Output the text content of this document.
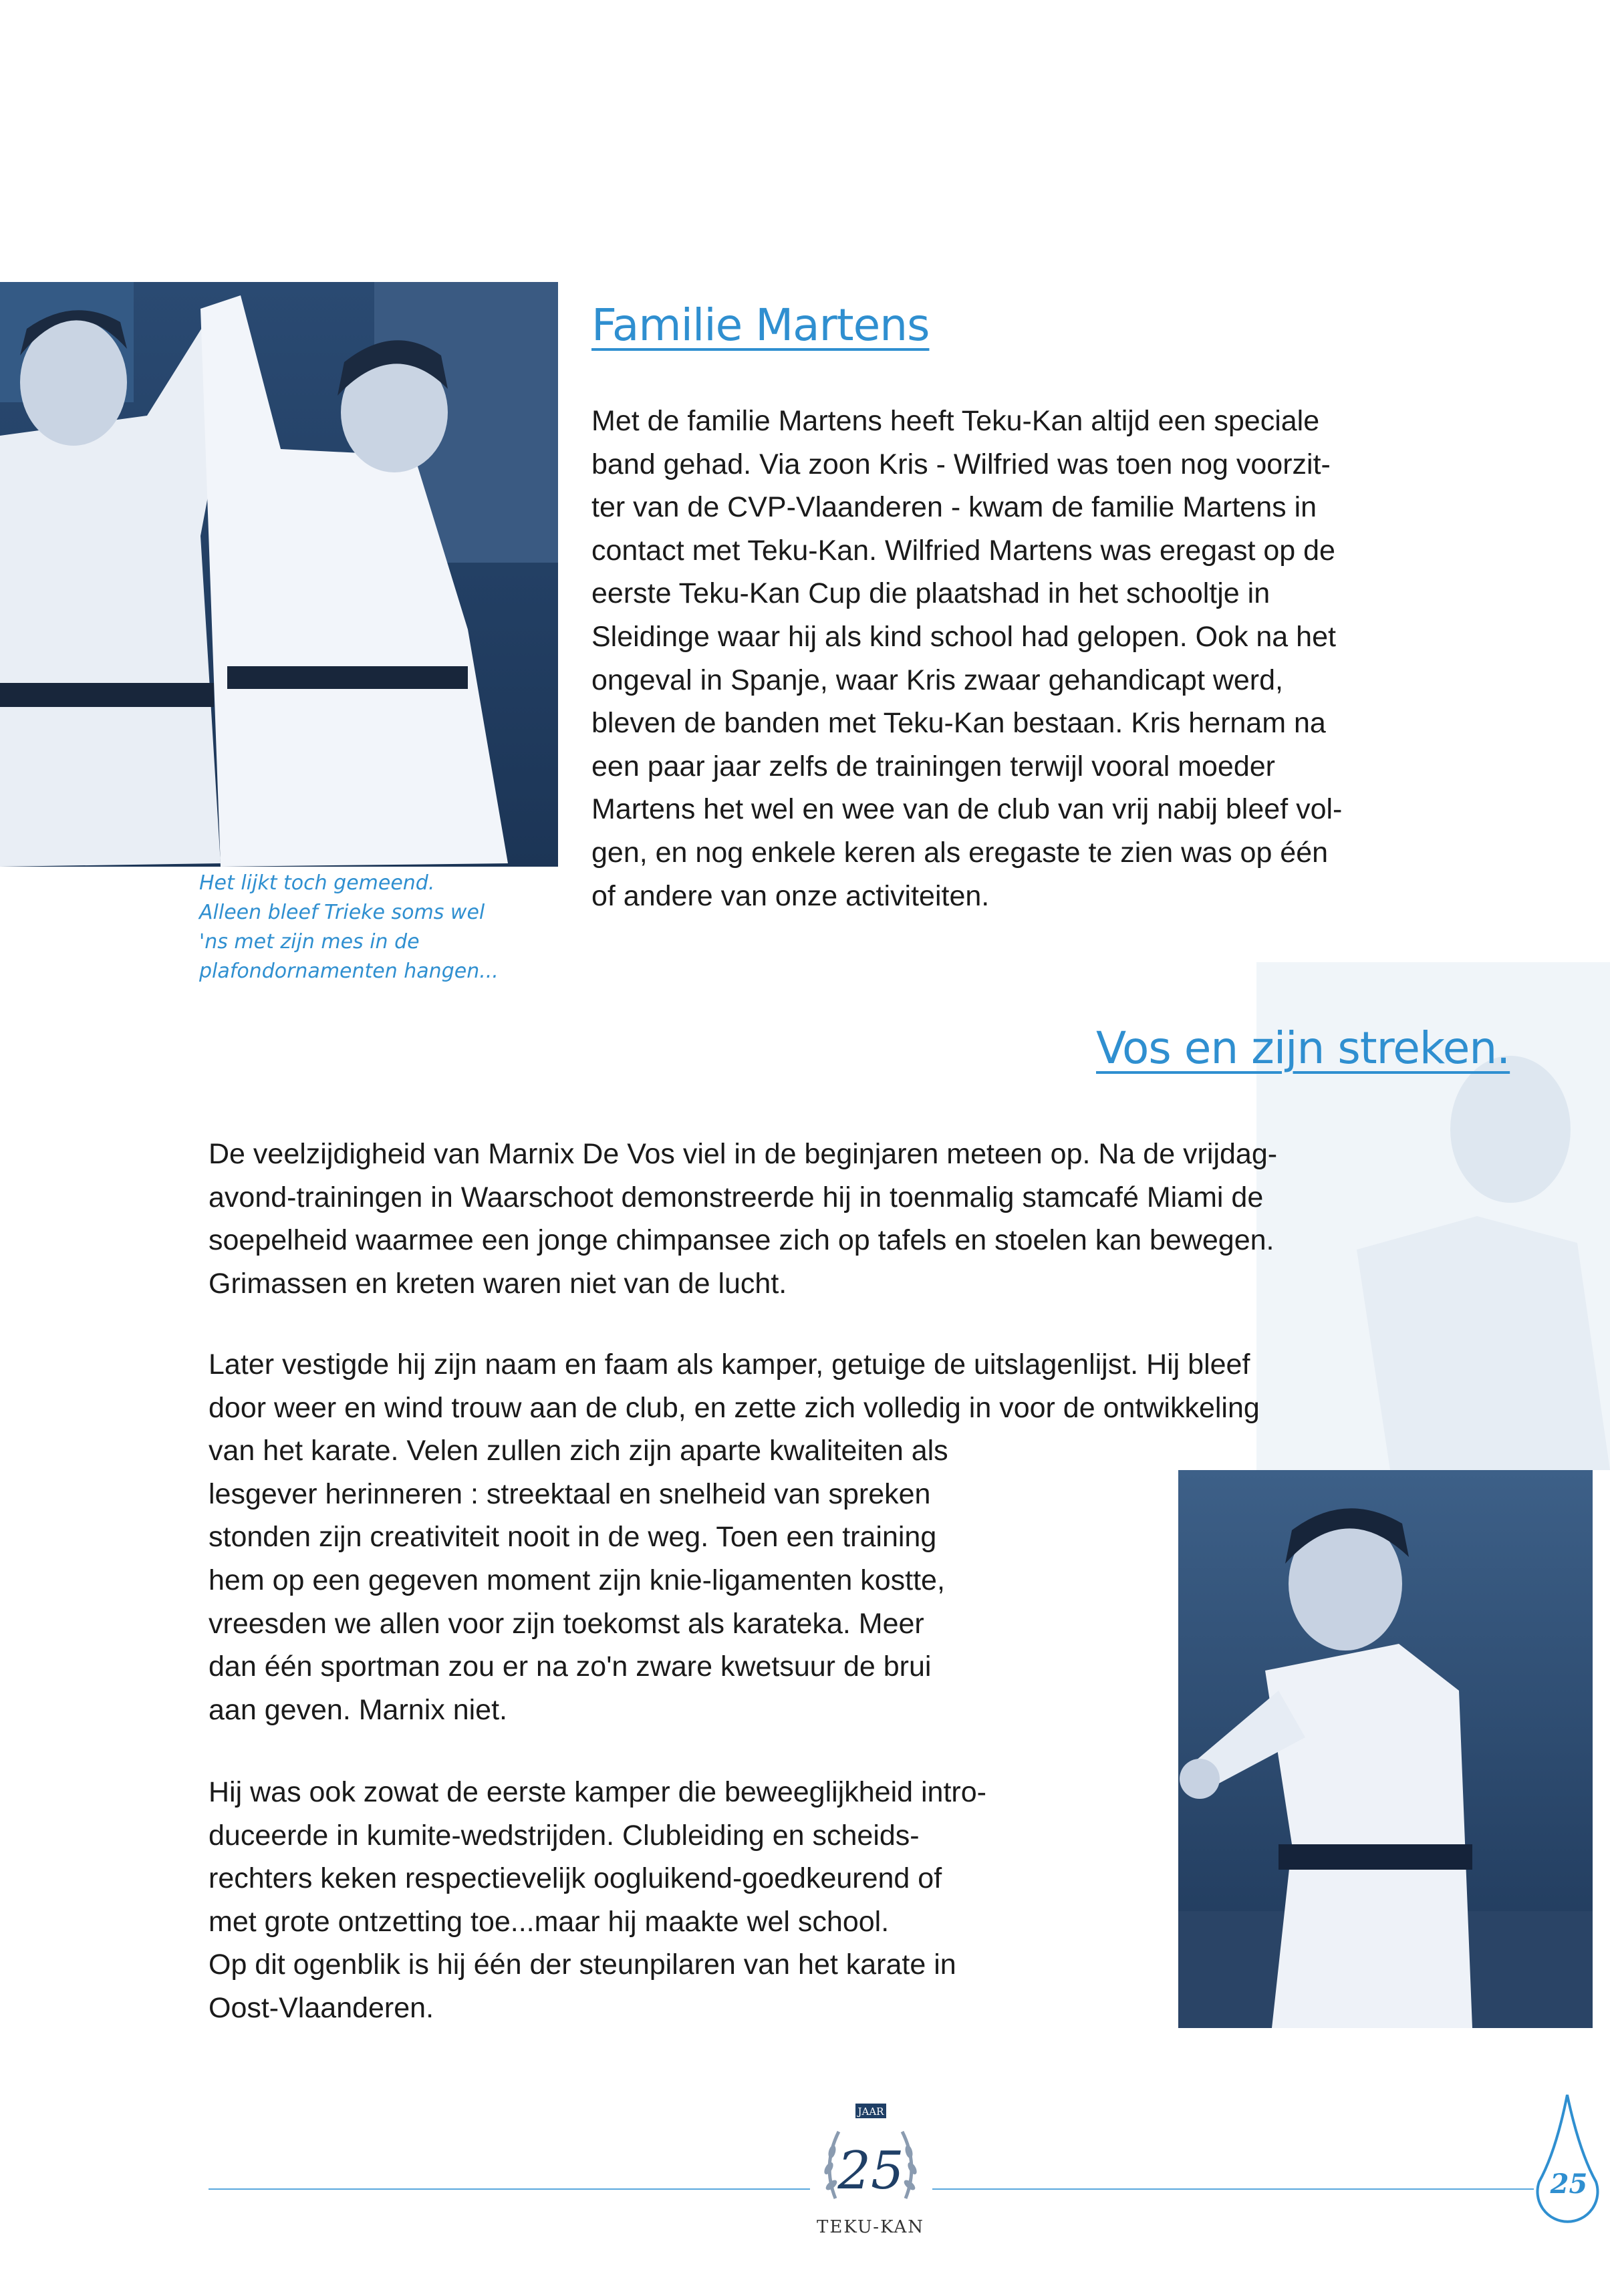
Het lijkt toch gemeend.
Alleen bleef Trieke soms wel
'ns met zijn mes in de
plafondornamenten hangen...

Familie Martens
Met de familie Martens heeft Teku-Kan altijd een speciale
band gehad. Via zoon Kris - Wilfried was toen nog voorzit-
ter van de CVP-Vlaanderen - kwam de familie Martens in
contact met Teku-Kan. Wilfried Martens was eregast op de
eerste Teku-Kan Cup die plaatshad in het schooltje in
Sleidinge waar hij als kind school had gelopen. Ook na het
ongeval in Spanje, waar Kris zwaar gehandicapt werd,
bleven de banden met Teku-Kan bestaan. Kris hernam na
een paar jaar zelfs de trainingen terwijl vooral moeder
Martens het wel en wee van de club van vrij nabij bleef vol-
gen, en nog enkele keren als eregaste te zien was op één
of andere van onze activiteiten.
Vos en zijn streken.
De veelzijdigheid van Marnix De Vos viel in de beginjaren meteen op. Na de vrijdag-
avond-trainingen in Waarschoot demonstreerde hij in toenmalig stamcafé Miami de
soepelheid waarmee een jonge chimpansee zich op tafels en stoelen kan bewegen.
Grimassen en kreten waren niet van de lucht.
Later vestigde hij zijn naam en faam als kamper, getuige de uitslagenlijst. Hij bleef
door weer en wind trouw aan de club, en zette zich volledig in voor de ontwikkeling
van het karate. Velen zullen zich zijn aparte kwaliteiten als
lesgever herinneren : streektaal en snelheid van spreken
stonden zijn creativiteit nooit in de weg. Toen een training
hem op een gegeven moment zijn knie-ligamenten kostte,
vreesden we allen voor zijn toekomst als karateka. Meer
dan één sportman zou er na zo'n zware kwetsuur de brui
aan geven. Marnix niet.
Hij was ook zowat de eerste kamper die beweeglijkheid intro-
duceerde in kumite-wedstrijden. Clubleiding en scheids-
rechters keken respectievelijk oogluikend-goedkeurend of
met grote ontzetting toe...maar hij maakte wel school.
Op dit ogenblik is hij één der steunpilaren van het karate in
Oost-Vlaanderen.
JAAR
25
TEKU-KAN
25
